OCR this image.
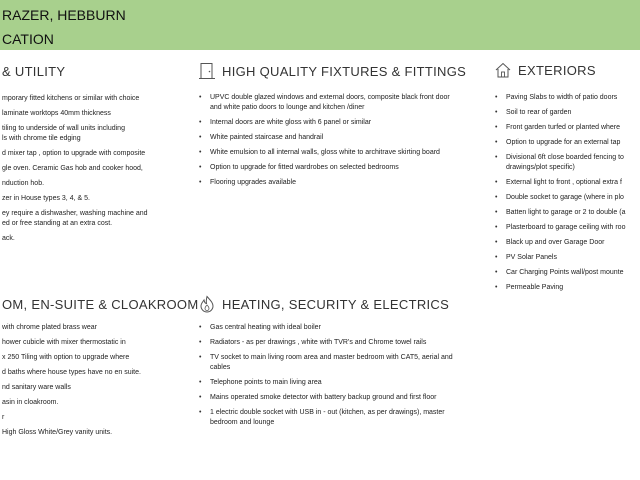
RAZER, HEBBURN
CATION
& UTILITY
mporary fitted kitchens or similar with choice
laminate worktops 40mm thickness
tiling to underside of wall units including
ls with chrome tile edging
d mixer tap , option to upgrade with composite
gle oven. Ceramic Gas hob and cooker hood,
nduction hob.
zer in House types 3, 4, & 5.
ey require a dishwasher, washing machine and
ed or free standing at an extra cost.
ack.
OM, EN-SUITE & CLOAKROOM
with chrome plated brass wear
hower cubicle with mixer thermostatic in
x 250 Tiling with option to upgrade where
d baths where house types have no en suite.
nd sanitary ware walls
asin in cloakroom.
r
High Gloss White/Grey vanity units.
HIGH QUALITY FIXTURES & FITTINGS
• UPVC double glazed windows and external doors, composite black front door and white patio doors to lounge and kitchen /diner
• Internal doors are white gloss with 6 panel or similar
• White painted staircase and handrail
• White emulsion to all internal walls, gloss white to architrave skirting board
• Option to upgrade for fitted wardrobes on selected bedrooms
• Flooring upgrades available
HEATING, SECURITY & ELECTRICS
• Gas central heating with ideal boiler
• Radiators - as per drawings , white with TVR's and Chrome towel rails
• TV socket to main living room area and master bedroom with CAT5, aerial and cables
• Telephone points to main living area
• Mains operated smoke detector with battery backup ground and first floor
• 1 electric double socket with USB in - out (kitchen, as per drawings), master bedroom and lounge
EXTERIORS
• Paving Slabs to width of patio doors
• Soil to rear of garden
• Front garden turfed or planted where
• Option to upgrade for an external tap
• Divisional 6ft close boarded fencing to drawings/plot specific)
• External light to front , optional extra f
• Double socket to garage (where in plo
• Batten light to garage or 2 to double (a
• Plasterboard to garage ceiling with roo
• Black up and over Garage Door
• PV Solar Panels
• Car Charging Points wall/post mounte
• Permeable Paving
